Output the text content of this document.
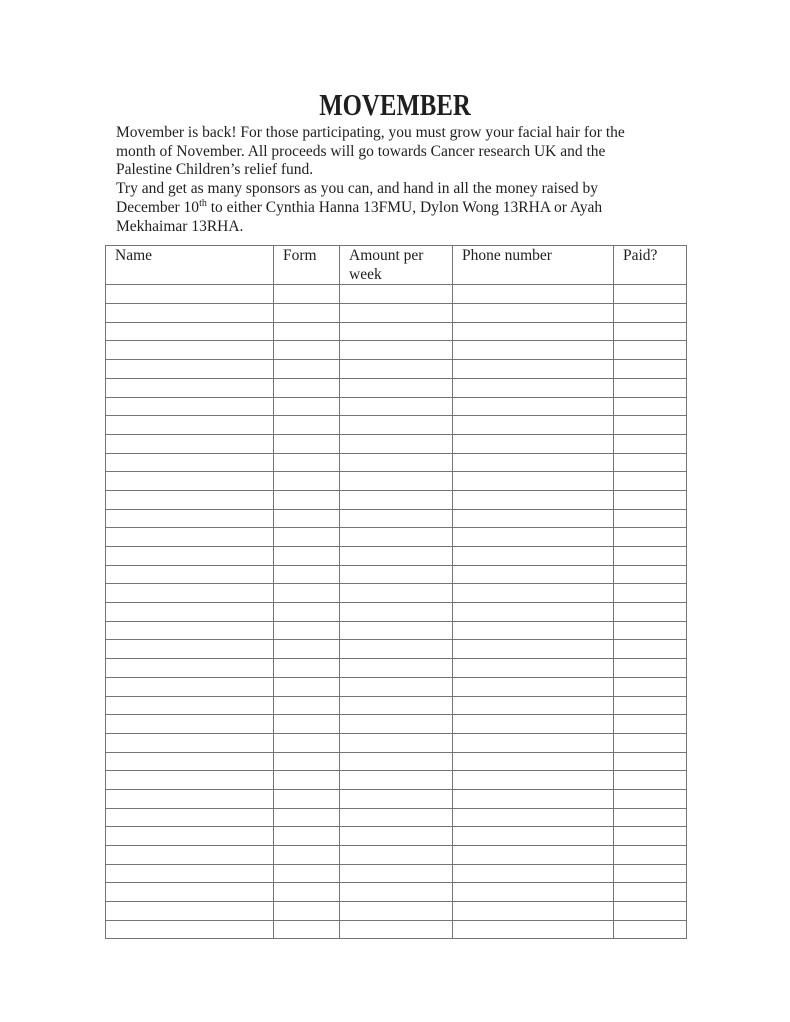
MOVEMBER

Movember is back! For those participating, you must grow your facial hair for the
month of November. All proceeds will go towards Cancer research UK and the
Palestine Children’s relief fund.

Try and get as many sponsors as you can, and hand in all the money raised by
December 10th to either Cynthia Hanna 13FMU, Dylon Wong 13RHA or Ayah
Mekhaimar 13RHA.

Name	Form	Amount per week	Phone number	Paid?
